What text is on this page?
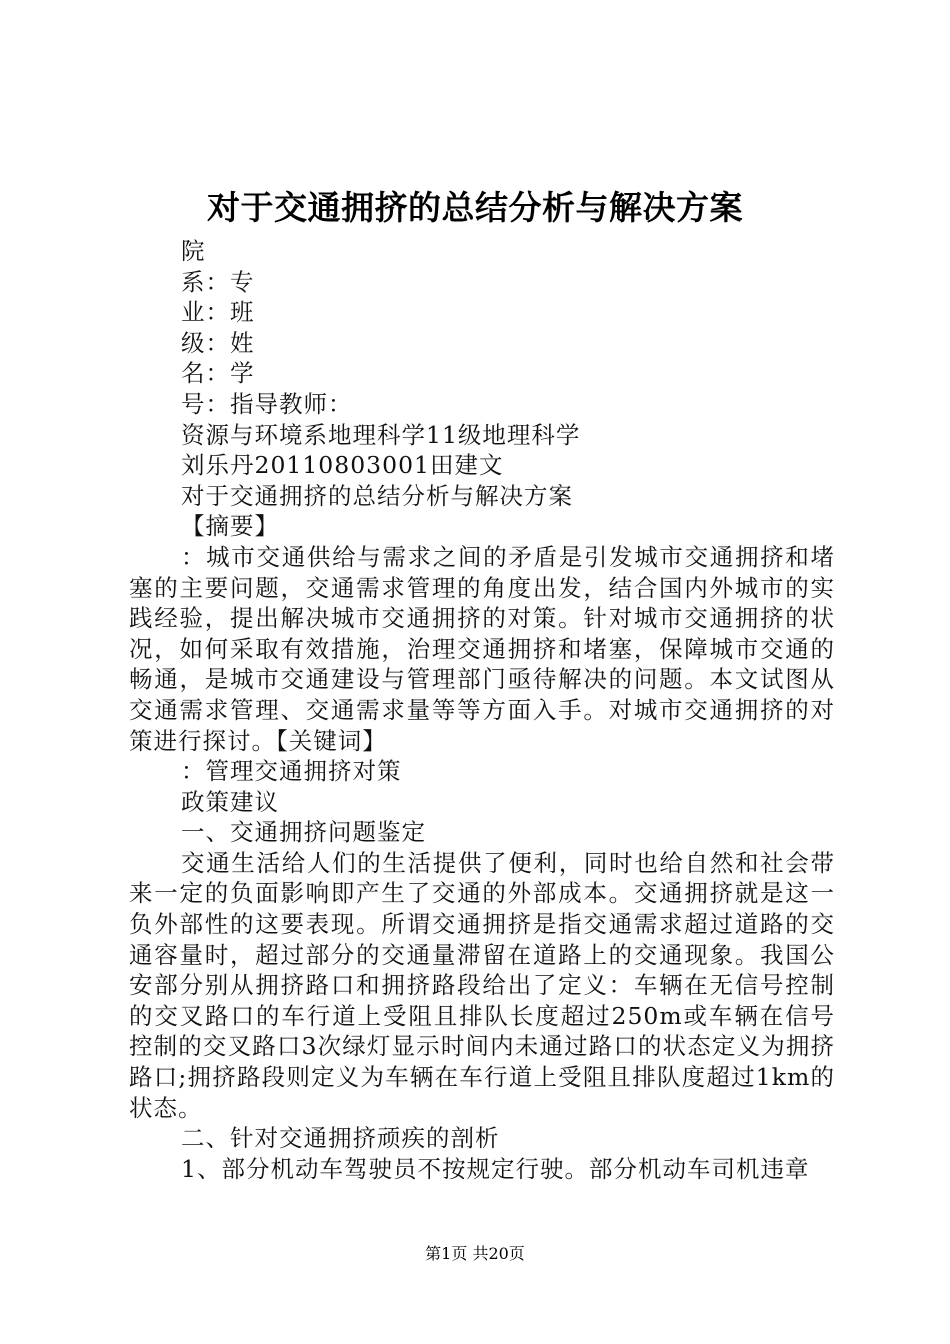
对于交通拥挤的总结分析与解决方案
院
系：专
业：班
级：姓
名：学
号：指导教师：
资源与环境系地理科学11级地理科学
刘乐丹20110803001田建文
对于交通拥挤的总结分析与解决方案
【摘要】
：城市交通供给与需求之间的矛盾是引发城市交通拥挤和堵塞的主要问题，交通需求管理的角度出发，结合国内外城市的实践经验，提出解决城市交通拥挤的对策。针对城市交通拥挤的状况，如何采取有效措施，治理交通拥挤和堵塞，保障城市交通的畅通，是城市交通建设与管理部门亟待解决的问题。本文试图从交通需求管理、交通需求量等等方面入手。对城市交通拥挤的对策进行探讨。【关键词】
：管理交通拥挤对策
政策建议
一、交通拥挤问题鉴定
交通生活给人们的生活提供了便利，同时也给自然和社会带来一定的负面影响即产生了交通的外部成本。交通拥挤就是这一负外部性的这要表现。所谓交通拥挤是指交通需求超过道路的交通容量时，超过部分的交通量滞留在道路上的交通现象。我国公安部分别从拥挤路口和拥挤路段给出了定义：车辆在无信号控制的交叉路口的车行道上受阻且排队长度超过250m或车辆在信号控制的交叉路口3次绿灯显示时间内未通过路口的状态定义为拥挤路口;拥挤路段则定义为车辆在车行道上受阻且排队度超过1km的状态。
二、针对交通拥挤顽疾的剖析
1、部分机动车驾驶员不按规定行驶。部分机动车司机违章
第1页 共20页
